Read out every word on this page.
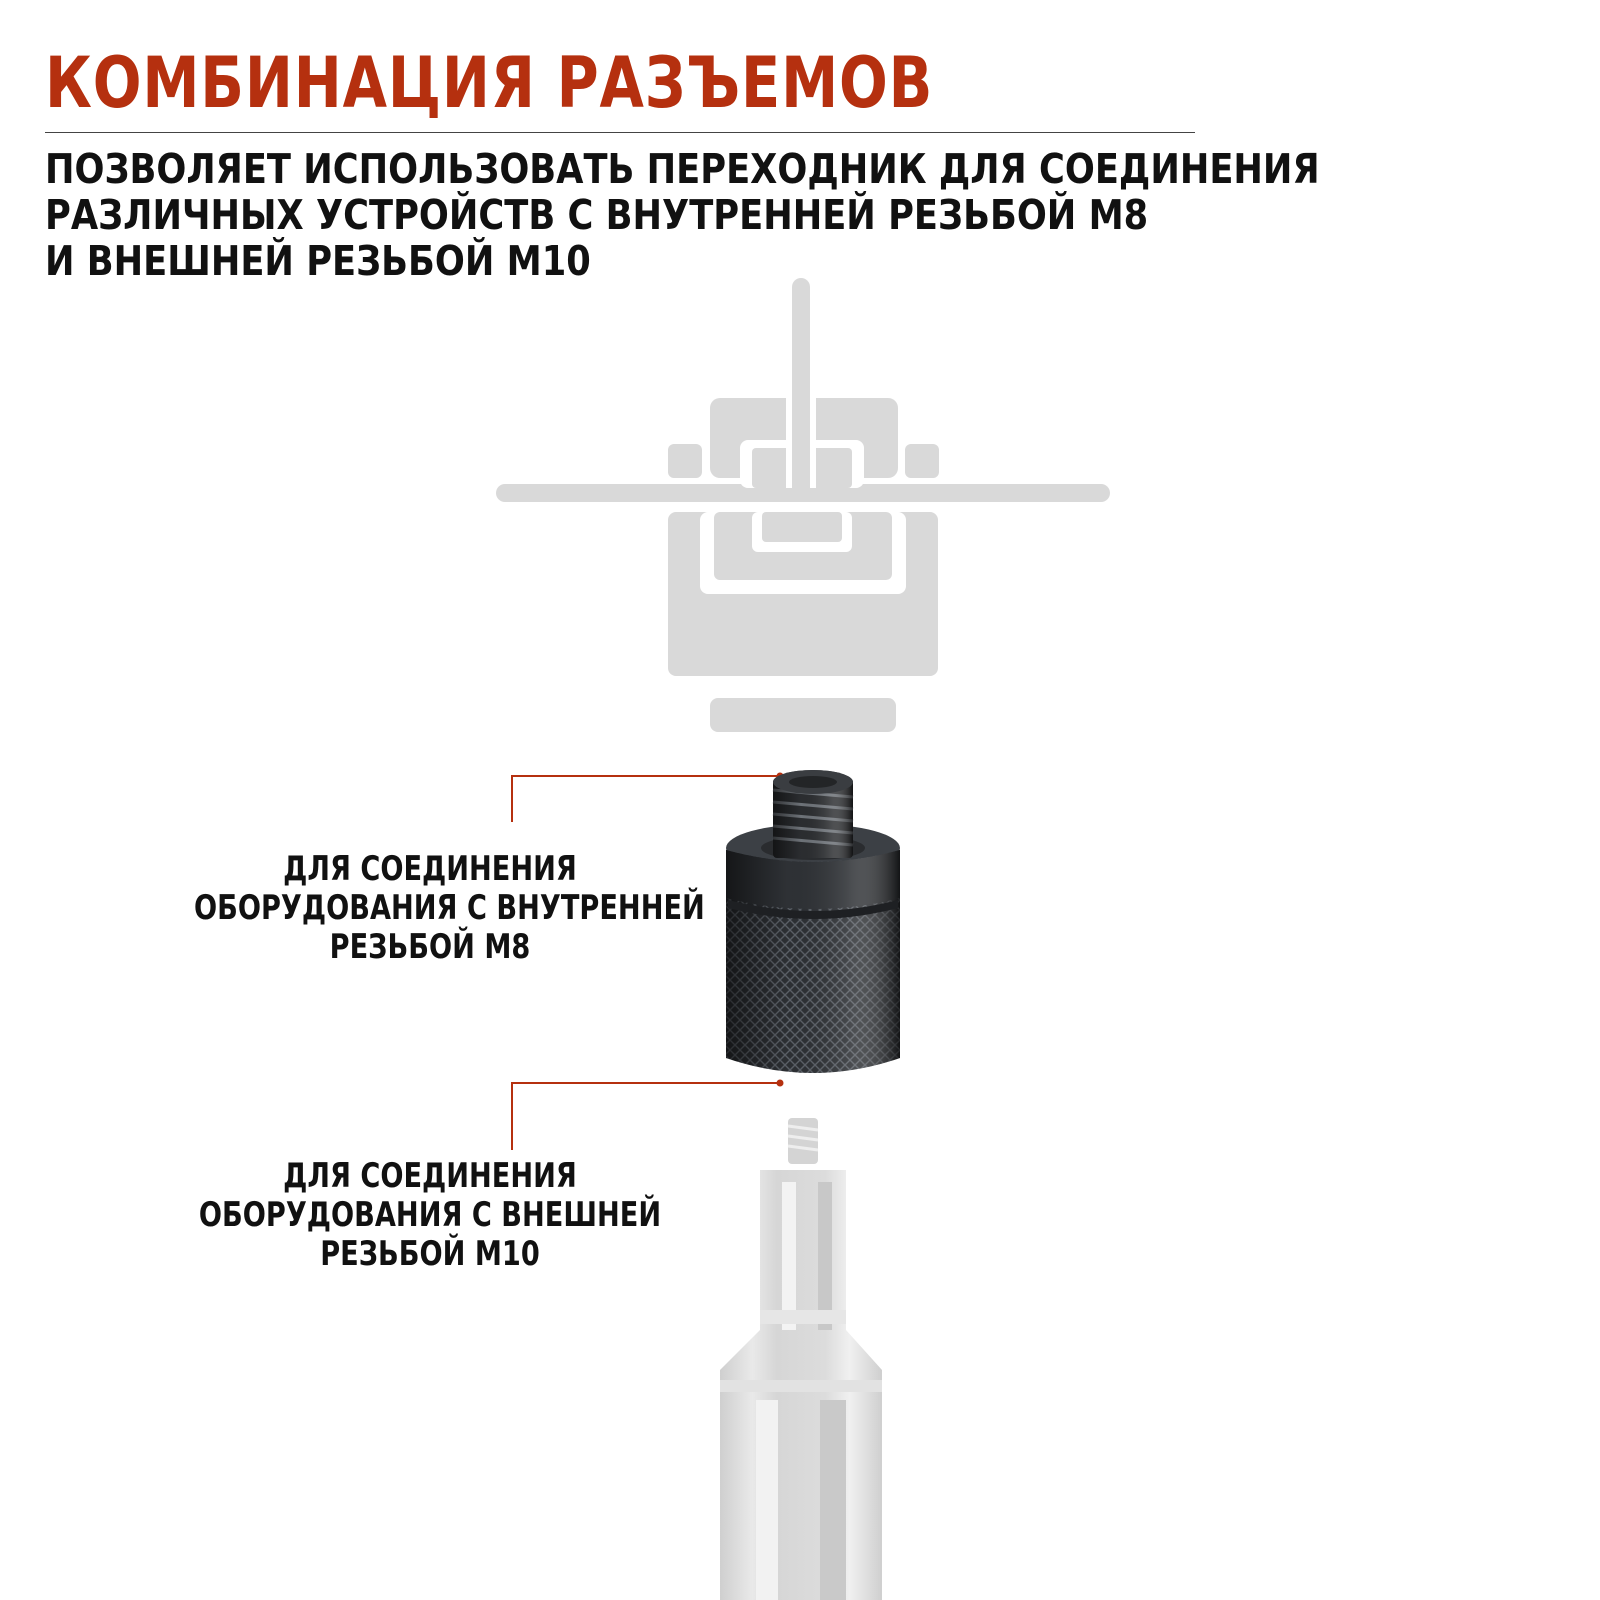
КОМБИНАЦИЯ РАЗЪЕМОВ

ПОЗВОЛЯЕТ ИСПОЛЬЗОВАТЬ ПЕРЕХОДНИК ДЛЯ СОЕДИНЕНИЯ
РАЗЛИЧНЫХ УСТРОЙСТВ С ВНУТРЕННЕЙ РЕЗЬБОЙ М8
И ВНЕШНЕЙ РЕЗЬБОЙ М10

ДЛЯ СОЕДИНЕНИЯ
ОБОРУДОВАНИЯ С ВНУТРЕННЕЙ
РЕЗЬБОЙ М8

ДЛЯ СОЕДИНЕНИЯ
ОБОРУДОВАНИЯ С ВНЕШНЕЙ
РЕЗЬБОЙ М10
